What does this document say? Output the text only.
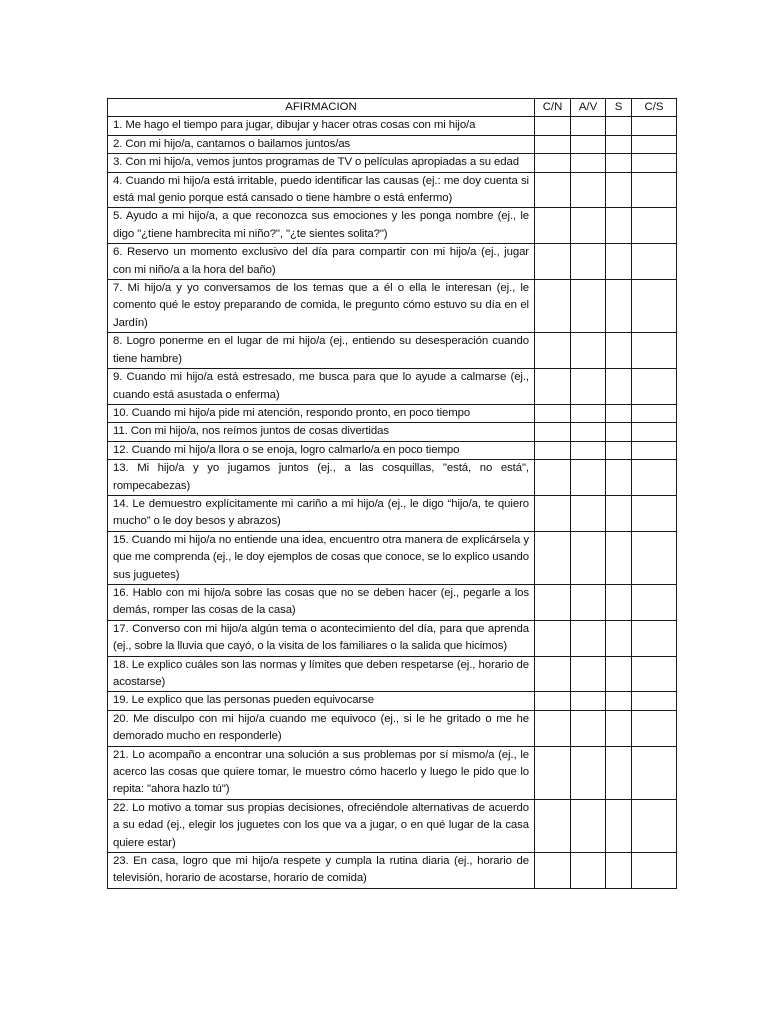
AFIRMACION	C/N	A/V	S	C/S
1. Me hago el tiempo para jugar, dibujar y hacer otras cosas con mi hijo/a				
2. Con mi hijo/a, cantamos o bailamos juntos/as				
3. Con mi hijo/a, vemos juntos programas de TV o películas apropiadas a su edad				
4. Cuando mi hijo/a está irritable, puedo identificar las causas (ej.: me doy cuenta si está mal genio porque está cansado o tiene hambre o está enfermo)				
5. Ayudo a mi hijo/a, a que reconozca sus emociones y les ponga nombre (ej., le digo "¿tiene hambrecita mi niño?", "¿te sientes solita?")				
6. Reservo un momento exclusivo del día para compartir con mi hijo/a (ej., jugar con mi niño/a a la hora del baño)				
7. Mi hijo/a y yo conversamos de los temas que a él o ella le interesan (ej., le comento qué le estoy preparando de comida, le pregunto cómo estuvo su día en el Jardín)				
8. Logro ponerme en el lugar de mi hijo/a (ej., entiendo su desesperación cuando tiene hambre)				
9. Cuando mi hijo/a está estresado, me busca para que lo ayude a calmarse (ej., cuando está asustada o enferma)				
10. Cuando mi hijo/a pide mi atención, respondo pronto, en poco tiempo				
11. Con mi hijo/a, nos reímos juntos de cosas divertidas				
12. Cuando mi hijo/a llora o se enoja, logro calmarlo/a en poco tiempo				
13. Mi hijo/a y yo jugamos juntos (ej., a las cosquillas, "está, no está", rompecabezas)				
14. Le demuestro explícitamente mi cariño a mi hijo/a (ej., le digo “hijo/a, te quiero mucho” o le doy besos y abrazos)				
15. Cuando mi hijo/a no entiende una idea, encuentro otra manera de explicársela y que me comprenda (ej., le doy ejemplos de cosas que conoce, se lo explico usando sus juguetes)				
16. Hablo con mi hijo/a sobre las cosas que no se deben hacer (ej., pegarle a los demás, romper las cosas de la casa)				
17. Converso con mi hijo/a algún tema o acontecimiento del día, para que aprenda (ej., sobre la lluvia que cayó, o la visita de los familiares o la salida que hicimos)				
18. Le explico cuáles son las normas y límites que deben respetarse (ej., horario de acostarse)				
19. Le explico que las personas pueden equivocarse				
20. Me disculpo con mi hijo/a cuando me equivoco (ej., si le he gritado o me he demorado mucho en responderle)				
21. Lo acompaño a encontrar una solución a sus problemas por sí mismo/a (ej., le acerco las cosas que quiere tomar, le muestro cómo hacerlo y luego le pido que lo repita: "ahora hazlo tú")				
22. Lo motivo a tomar sus propias decisiones, ofreciéndole alternativas de acuerdo a su edad (ej., elegir los juguetes con los que va a jugar, o en qué lugar de la casa quiere estar)				
23. En casa, logro que mi hijo/a respete y cumpla la rutina diaria (ej., horario de televisión, horario de acostarse, horario de comida)				
